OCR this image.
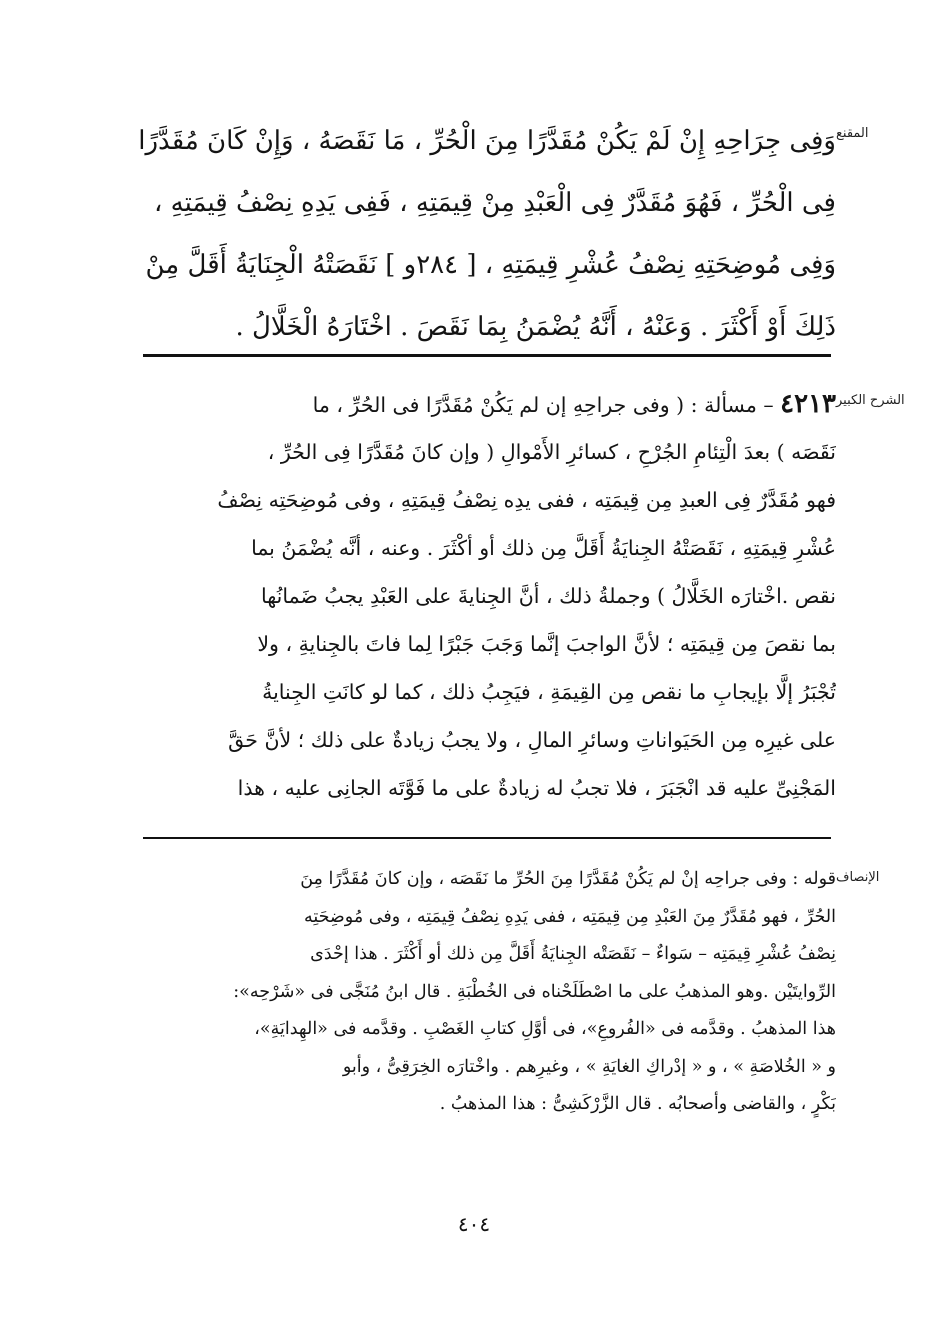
المقنع
وَفِى جِرَاحِهِ إِنْ لَمْ يَكُنْ مُقَدَّرًا مِنَ الْحُرِّ ، مَا نَقَصَهُ ، وَإِنْ كَانَ مُقَدَّرًا
فِى الْحُرِّ ، فَهُوَ مُقَدَّرٌ فِى الْعَبْدِ مِنْ قِيمَتِهِ ، فَفِى يَدِهِ نِصْفُ قِيمَتِهِ ،
وَفِى مُوضِحَتِهِ نِصْفُ عُشْرِ قِيمَتِهِ ، [ ٢٨٤و ] نَقَصَتْهُ الْجِنَايَةُ أَقَلَّ مِنْ
ذَلِكَ أَوْ أَكْثَرَ . وَعَنْهُ ، أَنَّهُ يُضْمَنُ بِمَا نَقَصَ . اخْتَارَهُ الْخَلَّالُ .
الشرح الكبير
٤٢١٣ – مسألة : ( وفى جراحِهِ إن لم يَكُنْ مُقَدَّرًا فى الحُرِّ ، ما
نَقَصَه ) بعدَ الْتِئامِ الجُرْحِ ، كسائرِ الأَمْوالِ ( وإن كانَ مُقَدَّرًا فِى الحُرِّ ،
فهو مُقَدَّرٌ فِى العبدِ مِن قِيمَتِه ، ففى يدِه نِصْفُ قِيمَتِهِ ، وفى مُوضِحَتِه نِصْفُ
عُشْرِ قِيمَتِهِ ، نَقَصَتْهُ الجِنايَةُ أَقَلَّ مِن ذلك أو أكْثَرَ . وعنه ، أنَّه يُضْمَنُ بما
نقص .اخْتارَه الخَلَّالُ ) وجملةُ ذلك ، أنَّ الجِنايةَ على العَبْدِ يجبُ ضَمانُها
بما نقصَ مِن قِيمَتِه ؛ لأنَّ الواجبَ إنَّما وَجَبَ جَبْرًا لِما فاتَ بالجِنايةِ ، ولا
تُجْبَرُ إلَّا بإيجابِ ما نقص مِن القِيمَةِ ، فيَجِبُ ذلك ، كما لو كانَتِ الجِنايةُ
على غيرِه مِن الحَيَواناتِ وسائرِ المالِ ، ولا يجبُ زيادةٌ على ذلك ؛ لأنَّ حَقَّ
المَجْنِىِّ عليه قد انْجَبَرَ ، فلا تجبُ له زيادةٌ على ما فَوَّتَه الجانِى عليه ، هذا
الإنصاف
قوله : وفى جراحِه إنْ لم يَكُنْ مُقَدَّرًا مِنَ الحُرِّ ما نَقَصَه ، وإن كانَ مُقَدَّرًا مِنَ
الحُرِّ ، فهو مُقَدَّرٌ مِنَ العَبْدِ مِن قِيمَتِه ، ففى يَدِهِ نِصْفُ قِيمَتِه ، وفى مُوضِحَتِه
نِصْفُ عُشْرِ قِيمَتِه – سَواءٌ – نَقَصَتْه الجِنايَةُ أَقَلَّ مِن ذلك أو أَكْثَرَ . هذا إحْدَى
الرِّوايتَيْن .وهو المذهبُ على ما اصْطَلَحْناه فى الخُطْبَةِ . قال ابنُ مُنَجَّى فى «شَرْحِه»:
هذا المذهبُ . وقدَّمه فى «الفُروعِ»، فى أوَّلِ كتابِ الغَصْبِ . وقدَّمه فى «الهِدايَةِ»،
و « الخُلاصَةِ » ، و « إدْراكِ الغايَةِ » ، وغيرِهم . واخْتارَه الخِرَقِىُّ ، وأبو
بَكْرٍ ، والقاضى وأصحابُه . قال الزَّرْكَشِىُّ : هذا المذهبُ .
٤٠٤
